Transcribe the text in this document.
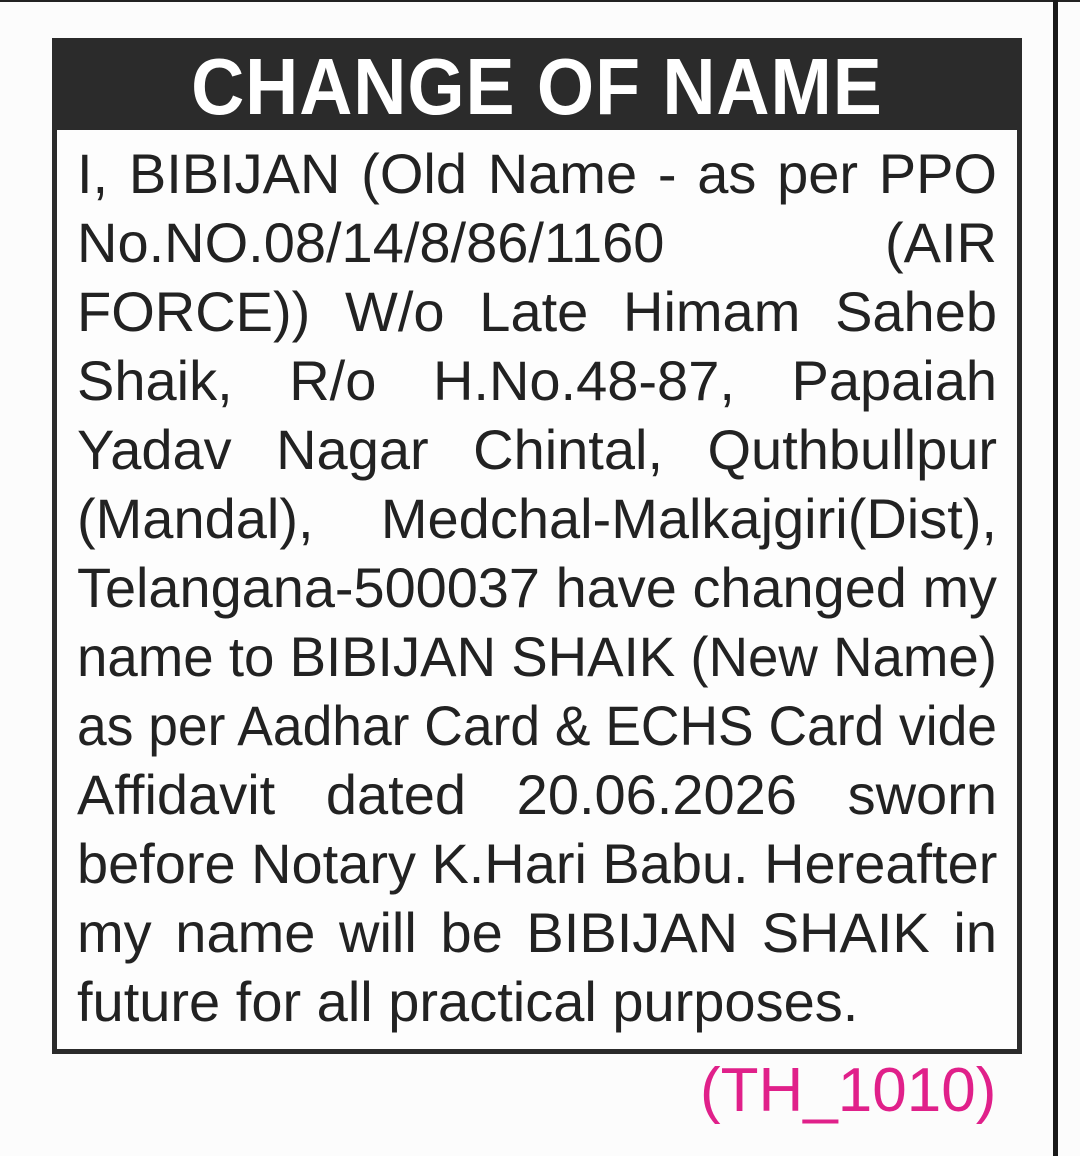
CHANGE OF NAME
I, BIBIJAN (Old Name - as per PPO
No.NO.08/14/8/86/1160 (AIR
FORCE)) W/o Late Himam Saheb
Shaik, R/o H.No.48-87, Papaiah
Yadav Nagar Chintal, Quthbullpur
(Mandal), Medchal-Malkajgiri(Dist),
Telangana-500037 have changed my
name to BIBIJAN SHAIK (New Name)
as per Aadhar Card & ECHS Card vide
Affidavit dated 20.06.2026 sworn
before Notary K.Hari Babu. Hereafter
my name will be BIBIJAN SHAIK in
future for all practical purposes.
(TH_1010)
